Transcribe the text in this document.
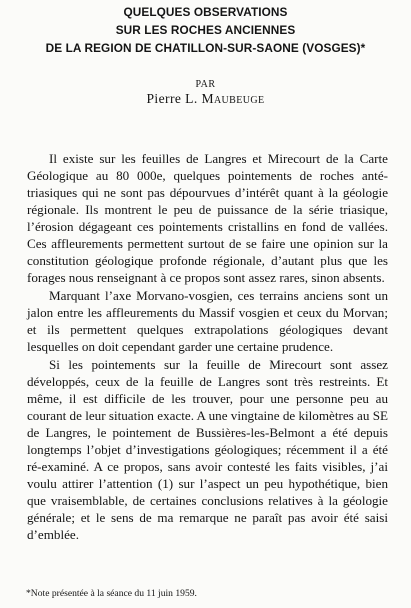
QUELQUES OBSERVATIONS
SUR LES ROCHES ANCIENNES
DE LA REGION DE CHATILLON-SUR-SAONE (VOSGES)*
PAR
Pierre L. Maubeuge

Il existe sur les feuilles de Langres et Mirecourt de la Carte Géologique au 80 000e, quelques pointements de roches anté-triasiques qui ne sont pas dépourvues d’intérêt quant à la géologie régionale. Ils montrent le peu de puissance de la série triasique, l’érosion dégageant ces pointements cristallins en fond de vallées. Ces affleurements permettent surtout de se faire une opinion sur la constitution géologique profonde régionale, d’autant plus que les forages nous renseignant à ce propos sont assez rares, sinon absents.

Marquant l’axe Morvano-vosgien, ces terrains anciens sont un jalon entre les affleurements du Massif vosgien et ceux du Morvan; et ils permettent quelques extrapolations géologiques devant lesquelles on doit cependant garder une certaine prudence.

Si les pointements sur la feuille de Mirecourt sont assez développés, ceux de la feuille de Langres sont très restreints. Et même, il est difficile de les trouver, pour une personne peu au courant de leur situation exacte. A une vingtaine de kilomètres au SE de Langres, le pointement de Bussières-les-Belmont a été depuis longtemps l’objet d’investigations géologiques; récemment il a été ré-examiné. A ce propos, sans avoir contesté les faits visibles, j’ai voulu attirer l’attention (1) sur l’aspect un peu hypothétique, bien que vraisemblable, de certaines conclusions relatives à la géologie générale; et le sens de ma remarque ne paraît pas avoir été saisi d’emblée.

*Note présentée à la séance du 11 juin 1959.
